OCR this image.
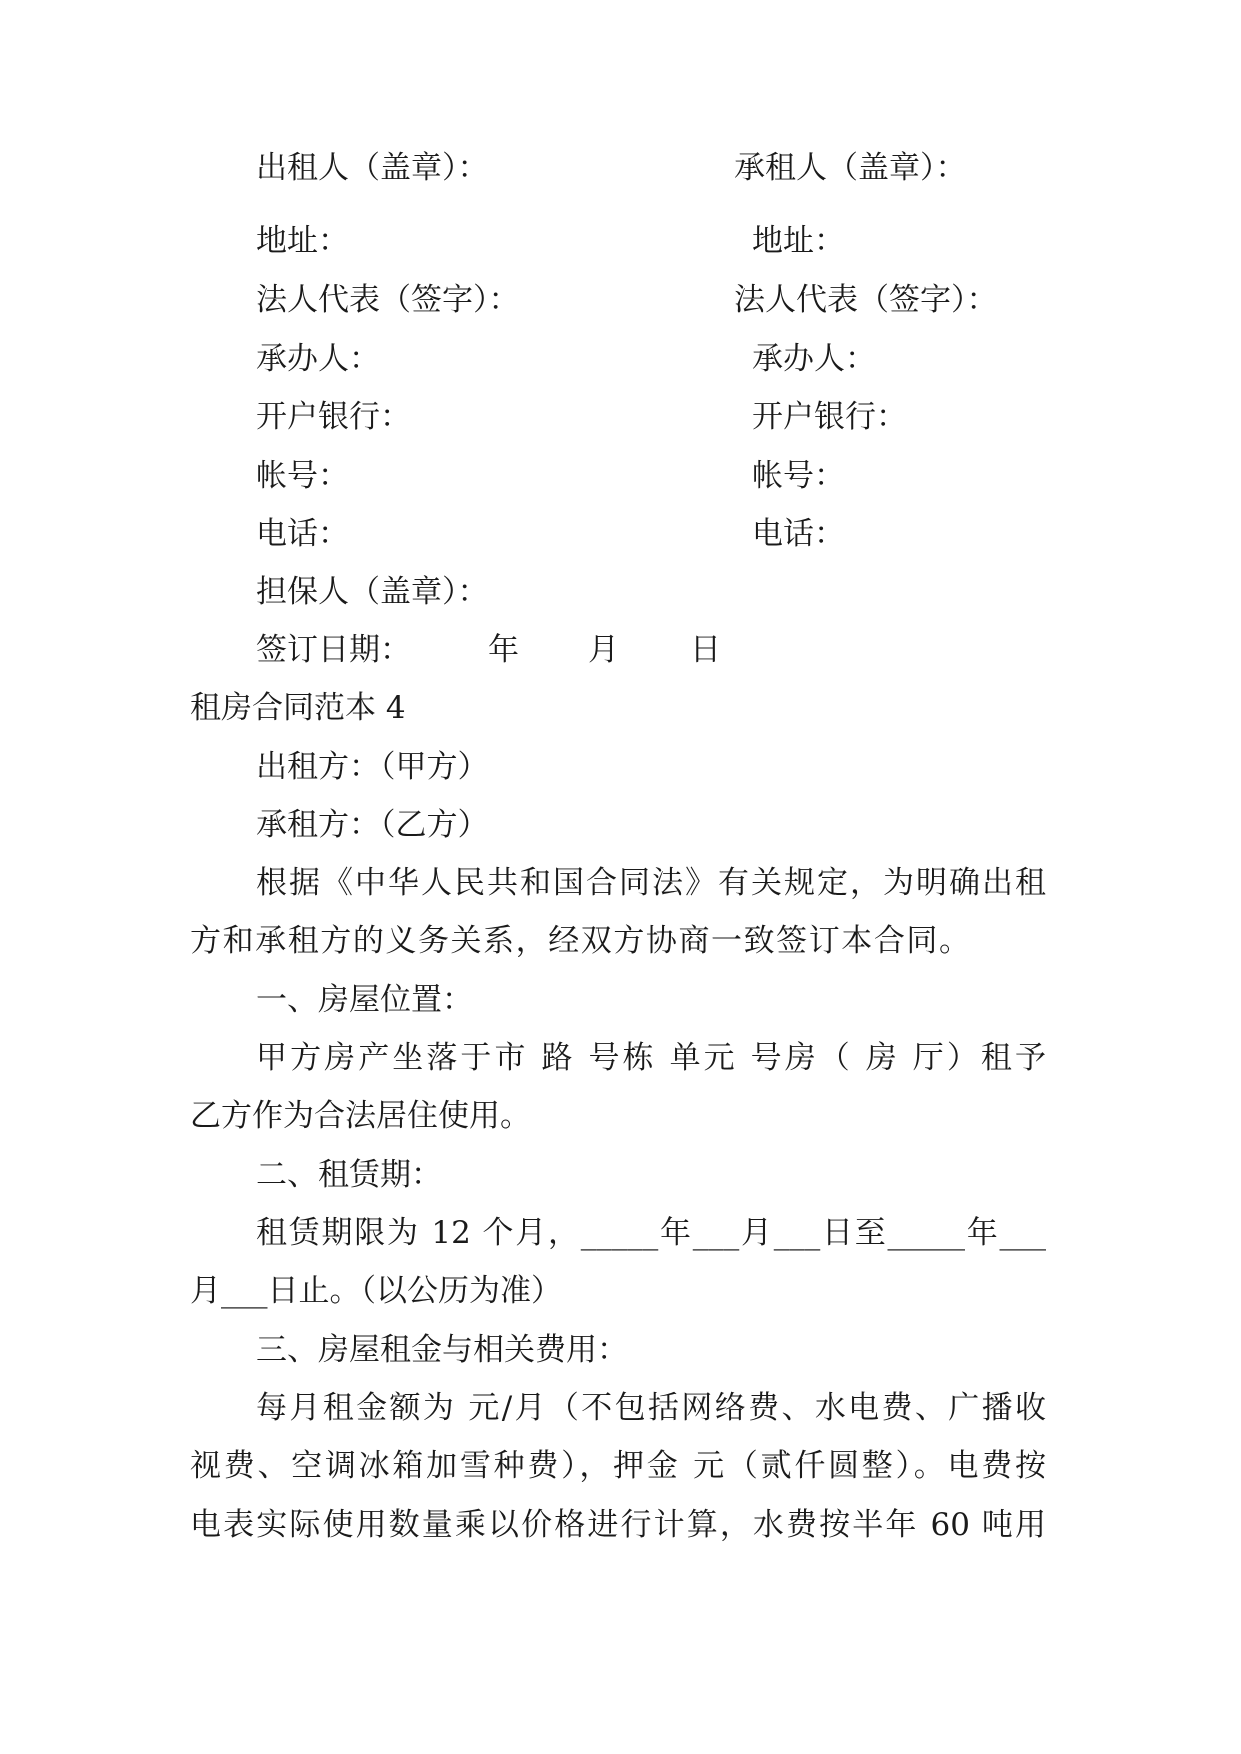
出租人（盖章）：	承租人（盖章）：
地址：	地址：
法人代表（签字）：	法人代表（签字）：
承办人：	承办人：
开户银行：	开户银行：
帐号：	帐号：
电话：	电话：
担保人（盖章）：
签订日期： 年 月 日
租房合同范本 4
出租方：（甲方）
承租方：（乙方）
根据《中华人民共和国合同法》有关规定，为明确出租
方和承租方的义务关系，经双方协商一致签订本合同。
一、房屋位置：
甲方房产坐落于市 路 号栋 单元 号房（ 房 厅）租予
乙方作为合法居住使用。
二、租赁期：
租赁期限为 12 个月，_____年___月___日至_____年___
月___日止。（以公历为准）
三、房屋租金与相关费用：
每月租金额为 元/月（不包括网络费、水电费、广播收
视费、空调冰箱加雪种费），押金 元（贰仟圆整）。电费按
电表实际使用数量乘以价格进行计算，水费按半年 60 吨用
